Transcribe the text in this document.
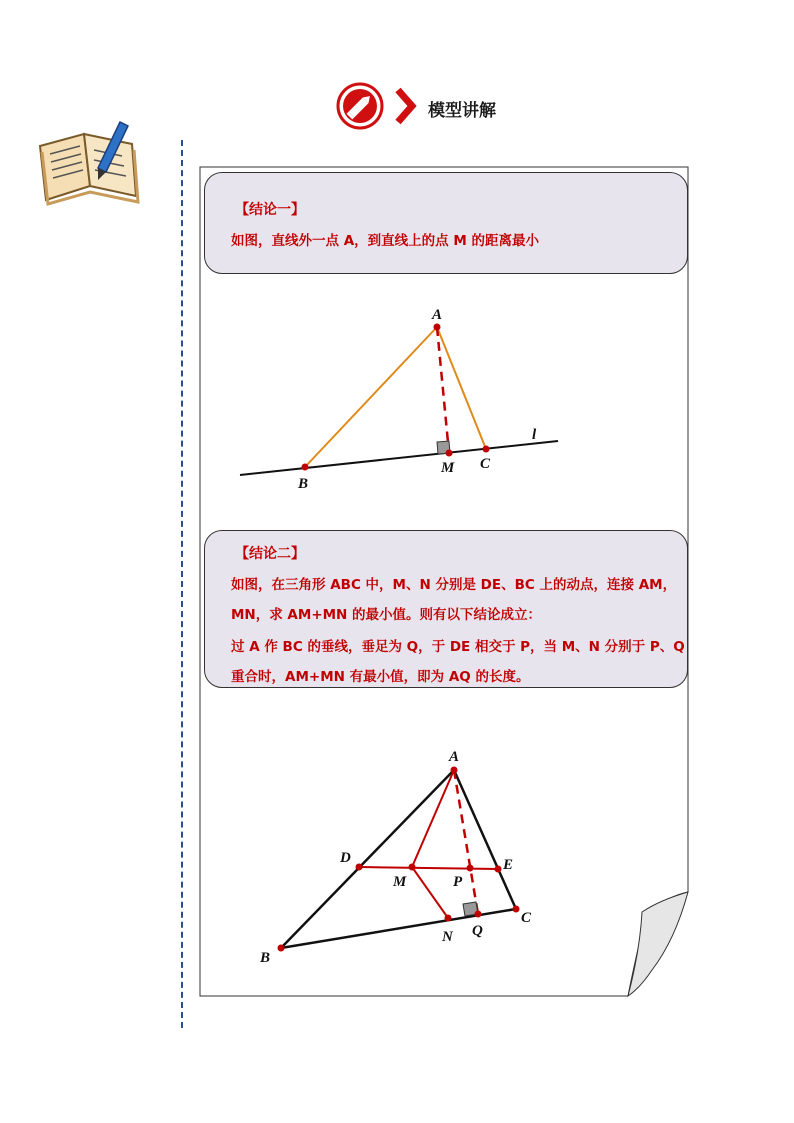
模型讲解
【结论一】
如图，直线外一点 A，到直线上的点 M 的距离最小
A
B
M C
l
【结论二】
如图，在三角形 ABC 中，M、N 分别是 DE、BC 上的动点，连接 AM，
MN，求 AM+MN 的最小值。则有以下结论成立：
过 A 作 BC 的垂线，垂足为 Q，于 DE 相交于 P，当 M、N 分别于 P、Q
重合时，AM+MN 有最小值，即为 AQ 的长度。
A
B
C
D	E
M	P
N Q
